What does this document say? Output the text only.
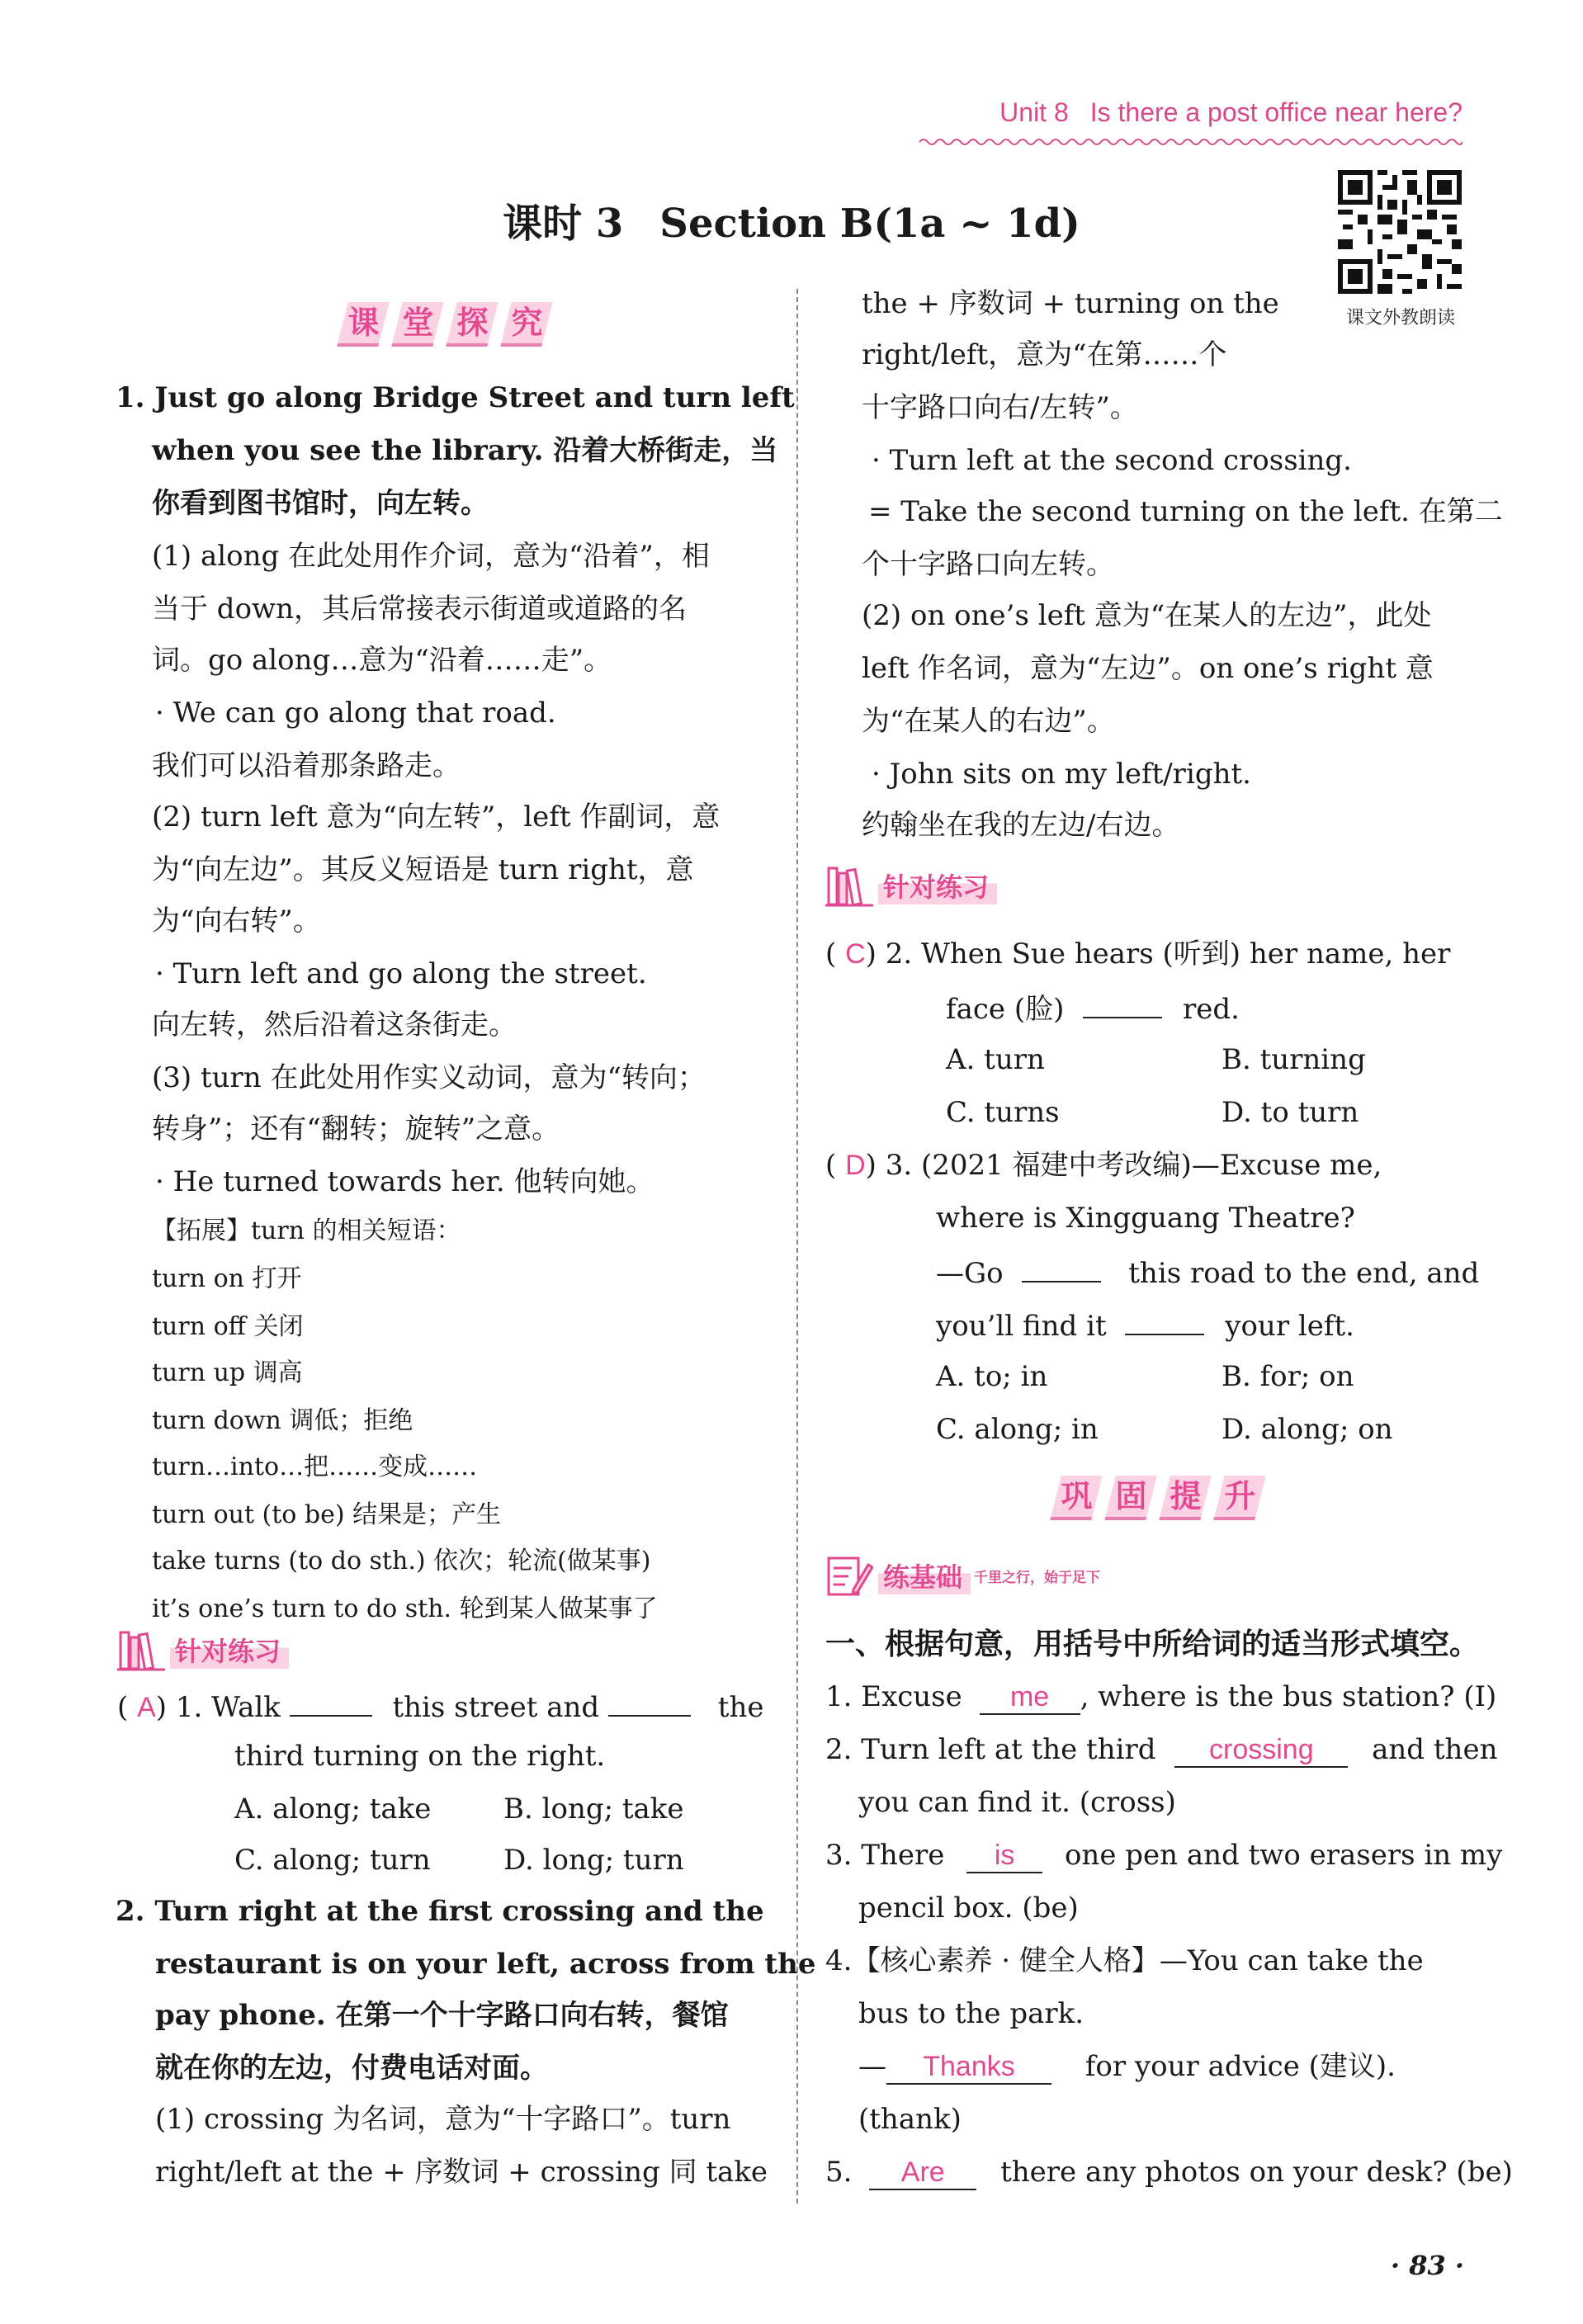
Unit 8 Is there a post office near here?
课时 3 Section B(1a ~ 1d)
课文外教朗读
课 堂 探 究
1. Just go along Bridge Street and turn left
when you see the library. 沿着大桥街走，当
你看到图书馆时，向左转。
(1) along 在此处用作介词，意为“沿着”，相
当于 down，其后常接表示街道或道路的名
词。go along…意为“沿着……走”。
· We can go along that road.
我们可以沿着那条路走。
(2) turn left 意为“向左转”，left 作副词，意
为“向左边”。其反义短语是 turn right，意
为“向右转”。
· Turn left and go along the street.
向左转，然后沿着这条街走。
(3) turn 在此处用作实义动词，意为“转向；
转身”；还有“翻转；旋转”之意。
· He turned towards her. 他转向她。
【拓展】turn 的相关短语：
turn on 打开
turn off 关闭
turn up 调高
turn down 调低；拒绝
turn…into…把……变成……
turn out (to be) 结果是；产生
take turns (to do sth.) 依次；轮流(做某事)
it’s one’s turn to do sth. 轮到某人做某事了
针对练习
( A) 1. Walk	this street and	the
third turning on the right.
A. along; take	B. long; take
C. along; turn	D. long; turn
2. Turn right at the first crossing and the
restaurant is on your left, across from the
pay phone. 在第一个十字路口向右转，餐馆
就在你的左边，付费电话对面。
(1) crossing 为名词，意为“十字路口”。turn
right/left at the + 序数词 + crossing 同 take
the + 序数词 + turning on the
right/left，意为“在第……个
十字路口向右/左转”。
· Turn left at the second crossing.
= Take the second turning on the left. 在第二
个十字路口向左转。
(2) on one’s left 意为“在某人的左边”，此处
left 作名词，意为“左边”。on one’s right 意
为“在某人的右边”。
· John sits on my left/right.
约翰坐在我的左边/右边。
针对练习
( C) 2. When Sue hears (听到) her name, her
face (脸)	red.
A. turn	B. turning
C. turns	D. to turn
( D) 3. (2021 福建中考改编)—Excuse me,
where is Xingguang Theatre?
—Go	this road to the end, and
you’ll find it	your left.
A. to; in	B. for; on
C. along; in	D. along; on
巩 固 提 升
练基础 千里之行，始于足下
一、根据句意，用括号中所给词的适当形式填空。
1. Excuse me , where is the bus station? (I)
2. Turn left at the third crossing and then
you can find it. (cross)
3. There is one pen and two erasers in my
pencil box. (be)
4.【核心素养 · 健全人格】—You can take the
bus to the park.
— Thanks	for your advice (建议).
(thank)
5. Are there any photos on your desk? (be)
· 83 ·
